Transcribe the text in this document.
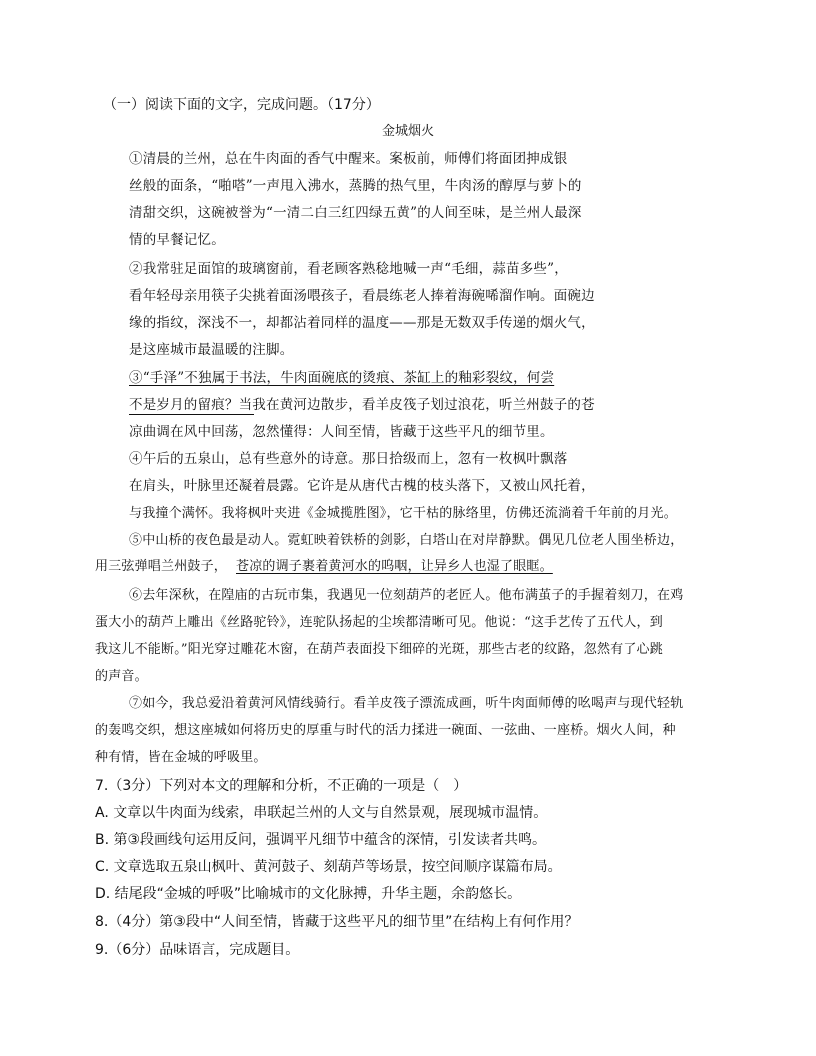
（一）阅读下面的文字，完成问题。（17分）
金城烟火
①清晨的兰州，总在牛肉面的香气中醒来。案板前，师傅们将面团抻成银
丝般的面条，“啪嗒”一声甩入沸水，蒸腾的热气里，牛肉汤的醇厚与萝卜的
清甜交织，这碗被誉为“一清二白三红四绿五黄”的人间至味，是兰州人最深
情的早餐记忆。
②我常驻足面馆的玻璃窗前，看老顾客熟稔地喊一声“毛细，蒜苗多些”，
看年轻母亲用筷子尖挑着面汤喂孩子，看晨练老人捧着海碗唏溜作响。面碗边
缘的指纹，深浅不一，却都沾着同样的温度——那是无数双手传递的烟火气，
是这座城市最温暖的注脚。
③“手泽”不独属于书法，牛肉面碗底的烫痕、茶缸上的釉彩裂纹，何尝
不是岁月的留痕？当我在黄河边散步，看羊皮筏子划过浪花，听兰州鼓子的苍
凉曲调在风中回荡，忽然懂得：人间至情，皆藏于这些平凡的细节里。
④午后的五泉山，总有些意外的诗意。那日拾级而上，忽有一枚枫叶飘落
在肩头，叶脉里还凝着晨露。它许是从唐代古槐的枝头落下，又被山风托着，
与我撞个满怀。我将枫叶夹进《金城揽胜图》，它干枯的脉络里，仿佛还流淌着千年前的月光。
⑤中山桥的夜色最是动人。霓虹映着铁桥的剑影，白塔山在对岸静默。偶见几位老人围坐桥边，
用三弦弹唱兰州鼓子， 苍凉的调子裹着黄河水的呜咽，让异乡人也湿了眼眶。
⑥去年深秋，在隍庙的古玩市集，我遇见一位刻葫芦的老匠人。他布满茧子的手握着刻刀，在鸡
蛋大小的葫芦上雕出《丝路驼铃》，连驼队扬起的尘埃都清晰可见。他说：“这手艺传了五代人，到
我这儿不能断。”阳光穿过雕花木窗，在葫芦表面投下细碎的光斑，那些古老的纹路，忽然有了心跳
的声音。
⑦如今，我总爱沿着黄河风情线骑行。看羊皮筏子漂流成画，听牛肉面师傅的吆喝声与现代轻轨
的轰鸣交织，想这座城如何将历史的厚重与时代的活力揉进一碗面、一弦曲、一座桥。烟火人间，种
种有情，皆在金城的呼吸里。
7.（3分）下列对本文的理解和分析，不正确的一项是（　）
A. 文章以牛肉面为线索，串联起兰州的人文与自然景观，展现城市温情。
B. 第③段画线句运用反问，强调平凡细节中蕴含的深情，引发读者共鸣。
C. 文章选取五泉山枫叶、黄河鼓子、刻葫芦等场景，按空间顺序谋篇布局。
D. 结尾段“金城的呼吸”比喻城市的文化脉搏，升华主题，余韵悠长。
8.（4分）第③段中“人间至情，皆藏于这些平凡的细节里”在结构上有何作用？
9.（6分）品味语言，完成题目。
